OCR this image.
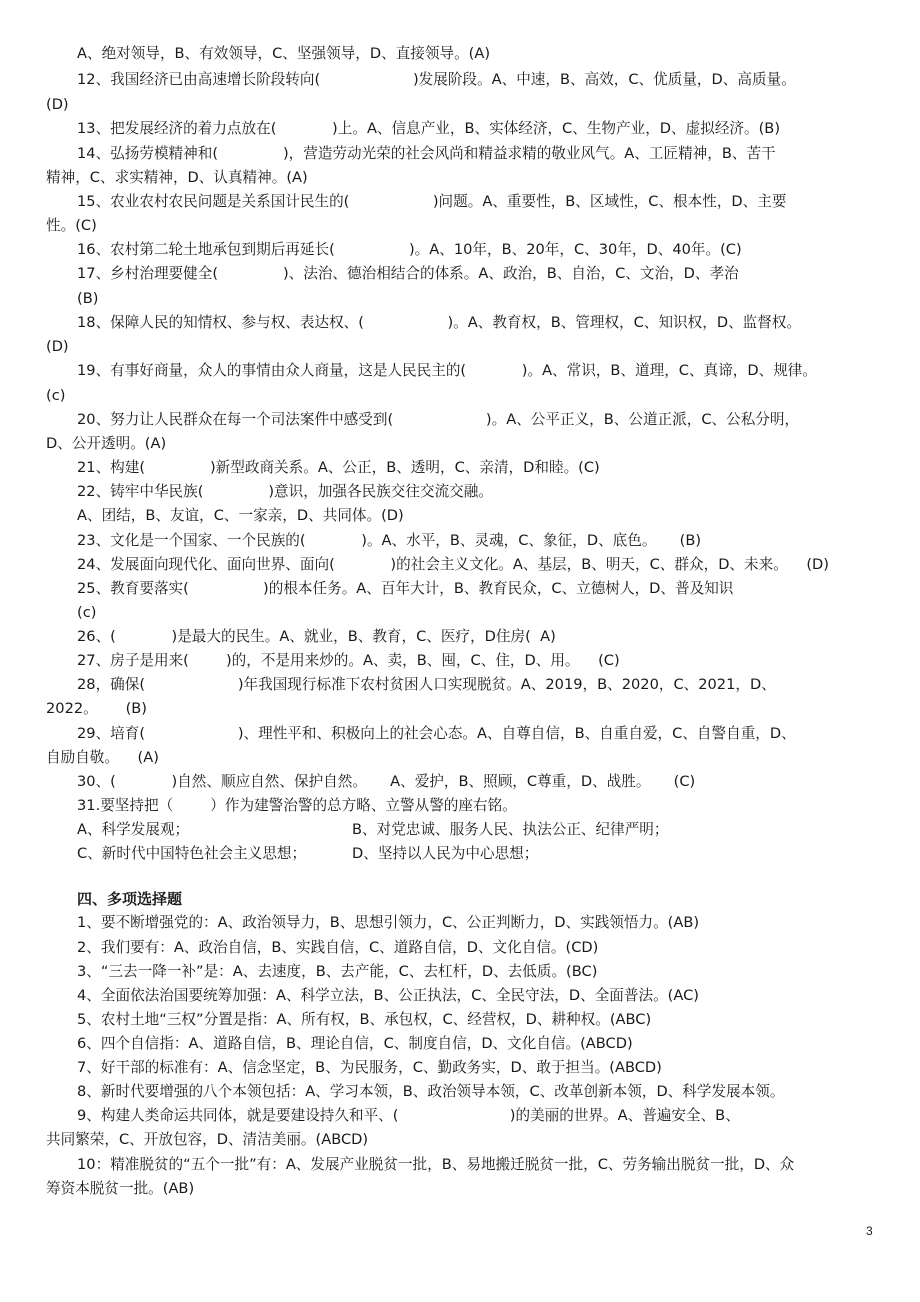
A、绝对领导，B、有效领导，C、坚强领导，D、直接领导。(A)
12、我国经济已由高速增长阶段转向(                    )发展阶段。A、中速，B、高效，C、优质量，D、高质量。
(D)
13、把发展经济的着力点放在(            )上。A、信息产业，B、实体经济，C、生物产业，D、虚拟经济。(B)
14、弘扬劳模精神和(              )，营造劳动光荣的社会风尚和精益求精的敬业风气。A、工匠精神，B、苦干
精神，C、求实精神，D、认真精神。(A)
15、农业农村农民问题是关系国计民生的(                  )问题。A、重要性，B、区域性，C、根本性，D、主要
性。(C)
16、农村第二轮土地承包到期后再延长(                )。A、10年，B、20年，C、30年，D、40年。(C)
17、乡村治理要健全(              )、法治、德治相结合的体系。A、政治，B、自治，C、文治，D、孝治
(B)
18、保障人民的知情权、参与权、表达权、(                  )。A、教育权，B、管理权，C、知识权，D、监督权。
(D)
19、有事好商量，众人的事情由众人商量，这是人民民主的(            )。A、常识，B、道理，C、真谛，D、规律。
(c)
20、努力让人民群众在每一个司法案件中感受到(                    )。A、公平正义，B、公道正派，C、公私分明，
D、公开透明。(A)
21、构建(              )新型政商关系。A、公正，B、透明，C、亲清，D和睦。(C)
22、铸牢中华民族(              )意识，加强各民族交往交流交融。
A、团结，B、友谊，C、一家亲，D、共同体。(D)
23、文化是一个国家、一个民族的(            )。A、水平，B、灵魂，C、象征，D、底色。     (B)
24、发展面向现代化、面向世界、面向(            )的社会主义文化。A、基层，B、明天，C、群众，D、未来。    (D)
25、教育要落实(                )的根本任务。A、百年大计，B、教育民众，C、立德树人，D、普及知识
(c)
26、(            )是最大的民生。A、就业，B、教育，C、医疗，D住房(  A)
27、房子是用来(        )的，不是用来炒的。A、卖，B、囤，C、住，D、用。    (C)
28，确保(                    )年我国现行标准下农村贫困人口实现脱贫。A、2019，B、2020，C、2021，D、
2022。      (B)
29、培育(                    )、理性平和、积极向上的社会心态。A、自尊自信，B、自重自爱，C、自警自重，D、
自励自敬。    (A)
30、(            )自然、顺应自然、保护自然。     A、爱护，B、照顾，C尊重，D、战胜。     (C)
31.要坚持把（        ）作为建警治警的总方略、立警从警的座右铭。
A、科学发展观；	B、对党忠诚、服务人民、执法公正、纪律严明；
C、新时代中国特色社会主义思想；	D、坚持以人民为中心思想；
四、多项选择题
1、要不断增强党的：A、政治领导力，B、思想引领力，C、公正判断力，D、实践领悟力。(AB)
2、我们要有：A、政治自信，B、实践自信，C、道路自信，D、文化自信。(CD)
3、“三去一降一补”是：A、去速度，B、去产能，C、去杠杆，D、去低质。(BC)
4、全面依法治国要统筹加强：A、科学立法，B、公正执法，C、全民守法，D、全面普法。(AC)
5、农村土地“三权”分置是指：A、所有权，B、承包权，C、经营权，D、耕种权。(ABC)
6、四个自信指：A、道路自信，B、理论自信，C、制度自信，D、文化自信。(ABCD)
7、好干部的标准有：A、信念坚定，B、为民服务，C、勤政务实，D、敢于担当。(ABCD)
8、新时代要增强的八个本领包括：A、学习本领，B、政治领导本领，C、改革创新本领，D、科学发展本领。
9、构建人类命运共同体，就是要建设持久和平、(                        )的美丽的世界。A、普遍安全、B、
共同繁荣，C、开放包容，D、清洁美丽。(ABCD)
10：精准脱贫的“五个一批”有：A、发展产业脱贫一批，B、易地搬迁脱贫一批，C、劳务输出脱贫一批，D、众
筹资本脱贫一批。(AB)
3
